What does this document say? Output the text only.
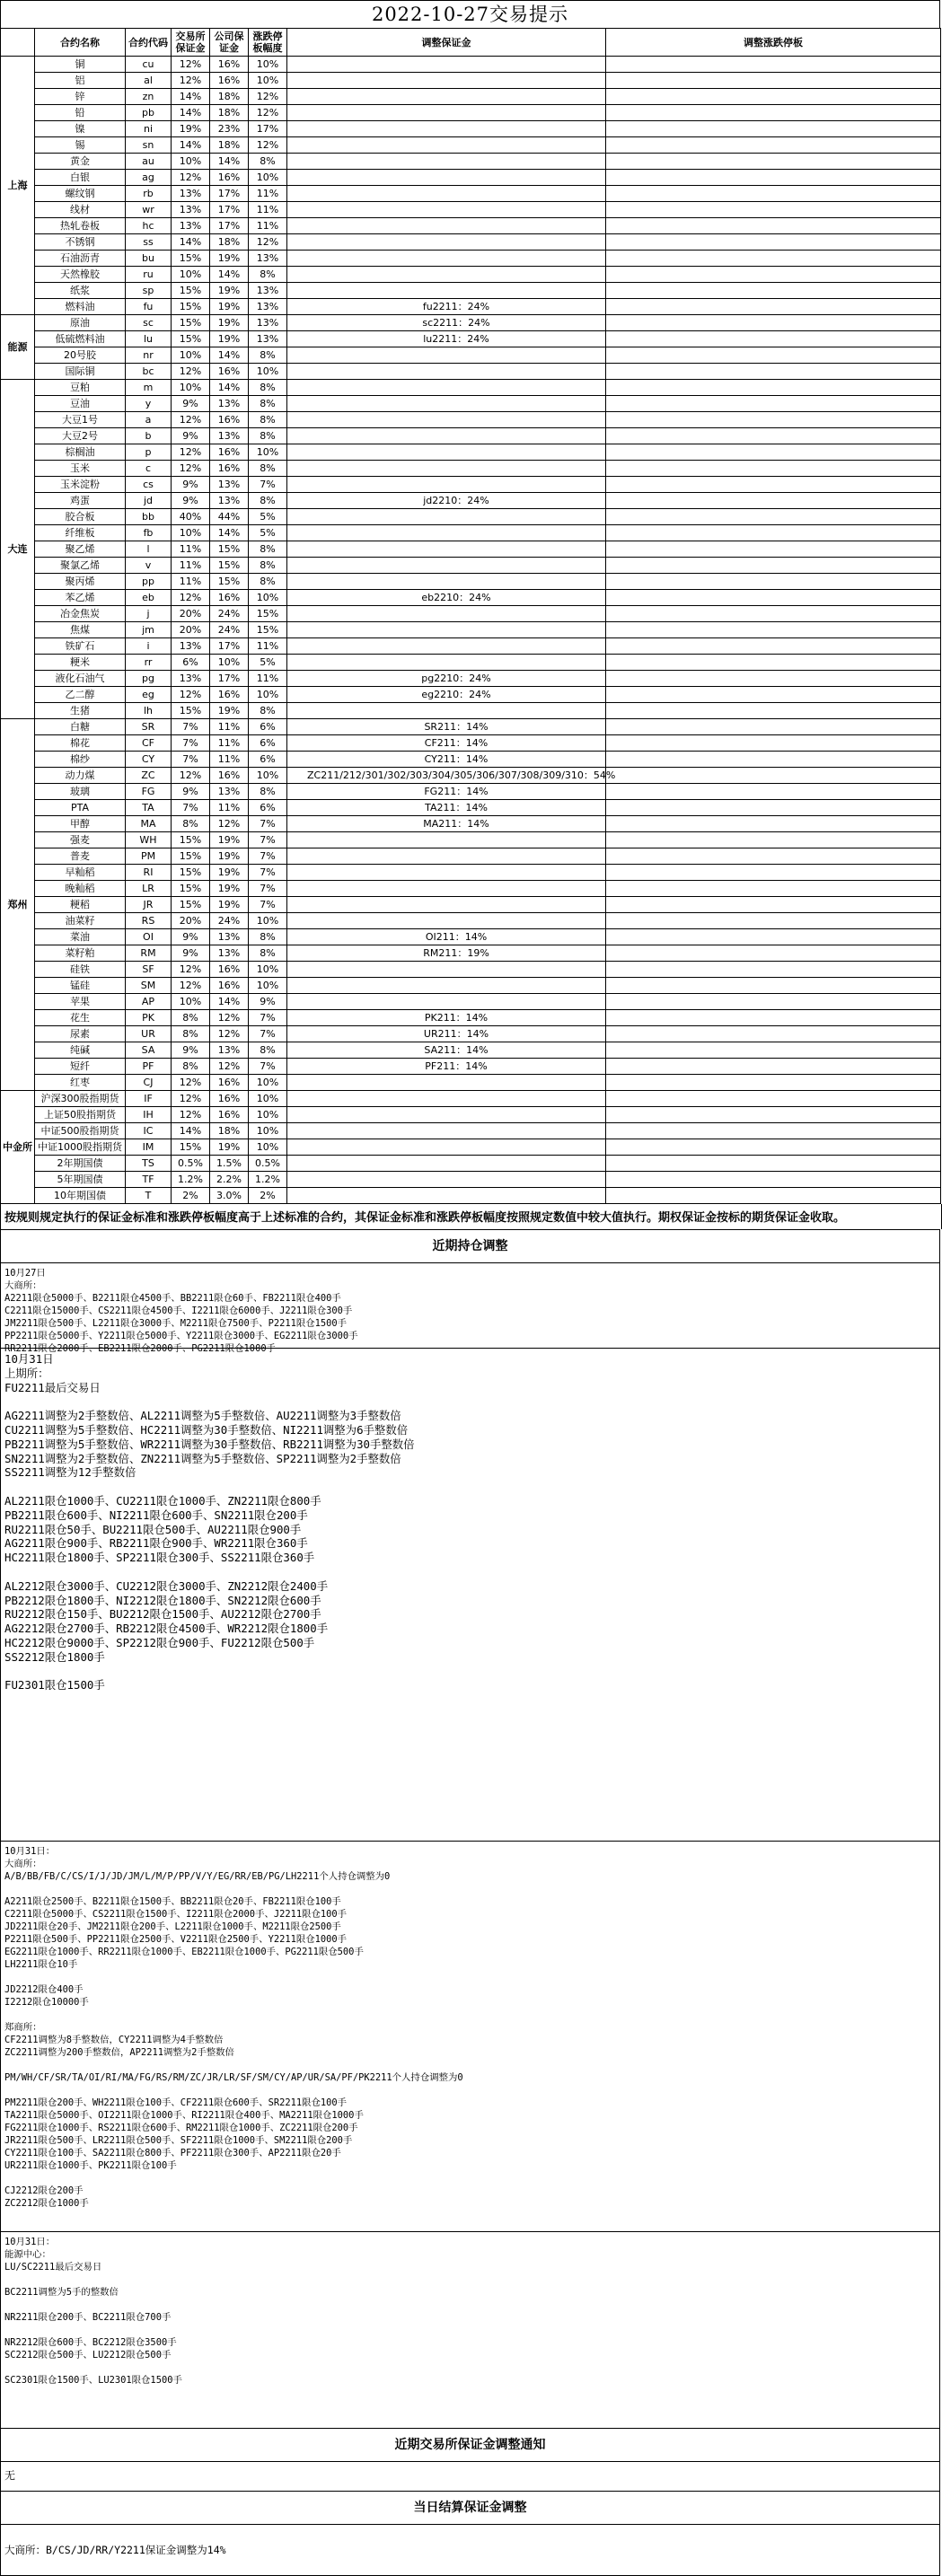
2022-10-27交易提示
	合约名称	合约代码	交易所保证金	公司保证金	涨跌停板幅度	调整保证金	调整涨跌停板
上海	铜	cu	12%	16%	10%		
	铝	al	12%	16%	10%		
	锌	zn	14%	18%	12%		
	铅	pb	14%	18%	12%		
	镍	ni	19%	23%	17%		
	锡	sn	14%	18%	12%		
	黄金	au	10%	14%	8%		
	白银	ag	12%	16%	10%		
	螺纹钢	rb	13%	17%	11%		
	线材	wr	13%	17%	11%		
	热轧卷板	hc	13%	17%	11%		
	不锈钢	ss	14%	18%	12%		
	石油沥青	bu	15%	19%	13%		
	天然橡胶	ru	10%	14%	8%		
	纸浆	sp	15%	19%	13%		
	燃料油	fu	15%	19%	13%	fu2211：24%	
能源	原油	sc	15%	19%	13%	sc2211：24%	
	低硫燃料油	lu	15%	19%	13%	lu2211：24%	
	20号胶	nr	10%	14%	8%		
	国际铜	bc	12%	16%	10%		
大连	豆粕	m	10%	14%	8%		
	豆油	y	9%	13%	8%		
	大豆1号	a	12%	16%	8%		
	大豆2号	b	9%	13%	8%		
	棕榈油	p	12%	16%	10%		
	玉米	c	12%	16%	8%		
	玉米淀粉	cs	9%	13%	7%		
	鸡蛋	jd	9%	13%	8%	jd2210：24%	
	胶合板	bb	40%	44%	5%		
	纤维板	fb	10%	14%	5%		
	聚乙烯	l	11%	15%	8%		
	聚氯乙烯	v	11%	15%	8%		
	聚丙烯	pp	11%	15%	8%		
	苯乙烯	eb	12%	16%	10%	eb2210：24%	
	冶金焦炭	j	20%	24%	15%		
	焦煤	jm	20%	24%	15%		
	铁矿石	i	13%	17%	11%		
	粳米	rr	6%	10%	5%		
	液化石油气	pg	13%	17%	11%	pg2210：24%	
	乙二醇	eg	12%	16%	10%	eg2210：24%	
	生猪	lh	15%	19%	8%		
郑州	白糖	SR	7%	11%	6%	SR211：14%	
	棉花	CF	7%	11%	6%	CF211：14%	
	棉纱	CY	7%	11%	6%	CY211：14%	
	动力煤	ZC	12%	16%	10%	ZC211/212/301/302/303/304/305/306/307/308/309/310：54%	
	玻璃	FG	9%	13%	8%	FG211：14%	
	PTA	TA	7%	11%	6%	TA211：14%	
	甲醇	MA	8%	12%	7%	MA211：14%	
	强麦	WH	15%	19%	7%		
	普麦	PM	15%	19%	7%		
	早籼稻	RI	15%	19%	7%		
	晚籼稻	LR	15%	19%	7%		
	粳稻	JR	15%	19%	7%		
	油菜籽	RS	20%	24%	10%		
	菜油	OI	9%	13%	8%	OI211：14%	
	菜籽粕	RM	9%	13%	8%	RM211：19%	
	硅铁	SF	12%	16%	10%		
	锰硅	SM	12%	16%	10%		
	苹果	AP	10%	14%	9%		
	花生	PK	8%	12%	7%	PK211：14%	
	尿素	UR	8%	12%	7%	UR211：14%	
	纯碱	SA	9%	13%	8%	SA211：14%	
	短纤	PF	8%	12%	7%	PF211：14%	
	红枣	CJ	12%	16%	10%		
中金所	沪深300股指期货	IF	12%	16%	10%		
	上证50股指期货	IH	12%	16%	10%		
	中证500股指期货	IC	14%	18%	10%		
	中证1000股指期货	IM	15%	19%	10%		
	2年期国债	TS	0.5%	1.5%	0.5%		
	5年期国债	TF	1.2%	2.2%	1.2%		
	10年期国债	T	2%	3.0%	2%		
按规则规定执行的保证金标准和涨跌停板幅度高于上述标准的合约，其保证金标准和涨跌停板幅度按照规定数值中较大值执行。期权保证金按标的期货保证金收取。
近期持仓调整
10月27日
大商所：
A2211限仓5000手、B2211限仓4500手、BB2211限仓60手、FB2211限仓400手
C2211限仓15000手、CS2211限仓4500手、I2211限仓6000手、J2211限仓300手
JM2211限仓500手、L2211限仓3000手、M2211限仓7500手、P2211限仓1500手
PP2211限仓5000手、Y2211限仓5000手、Y2211限仓3000手、EG2211限仓3000手
RR2211限仓2000手、EB2211限仓2000手、PG2211限仓1000手
10月31日
上期所：
FU2211最后交易日

AG2211调整为2手整数倍、AL2211调整为5手整数倍、AU2211调整为3手整数倍
CU2211调整为5手整数倍、HC2211调整为30手整数倍、NI2211调整为6手整数倍
PB2211调整为5手整数倍、WR2211调整为30手整数倍、RB2211调整为30手整数倍
SN2211调整为2手整数倍、ZN2211调整为5手整数倍、SP2211调整为2手整数倍
SS2211调整为12手整数倍

AL2211限仓1000手、CU2211限仓1000手、ZN2211限仓800手
PB2211限仓600手、NI2211限仓600手、SN2211限仓200手
RU2211限仓50手、BU2211限仓500手、AU2211限仓900手
AG2211限仓900手、RB2211限仓900手、WR2211限仓360手
HC2211限仓1800手、SP2211限仓300手、SS2211限仓360手

AL2212限仓3000手、CU2212限仓3000手、ZN2212限仓2400手
PB2212限仓1800手、NI2212限仓1800手、SN2212限仓600手
RU2212限仓150手、BU2212限仓1500手、AU2212限仓2700手
AG2212限仓2700手、RB2212限仓4500手、WR2212限仓1800手
HC2212限仓9000手、SP2212限仓900手、FU2212限仓500手
SS2212限仓1800手

FU2301限仓1500手
10月31日：
大商所：
A/B/BB/FB/C/CS/I/J/JD/JM/L/M/P/PP/V/Y/EG/RR/EB/PG/LH2211个人持仓调整为0

A2211限仓2500手、B2211限仓1500手、BB2211限仓20手、FB2211限仓100手
C2211限仓5000手、CS2211限仓1500手、I2211限仓2000手、J2211限仓100手
JD2211限仓20手、JM2211限仓200手、L2211限仓1000手、M2211限仓2500手
P2211限仓500手、PP2211限仓2500手、V2211限仓2500手、Y2211限仓1000手
EG2211限仓1000手、RR2211限仓1000手、EB2211限仓1000手、PG2211限仓500手
LH2211限仓10手

JD2212限仓400手
I2212限仓10000手

郑商所：
CF2211调整为8手整数倍，CY2211调整为4手整数倍
ZC2211调整为200手整数倍，AP2211调整为2手整数倍

PM/WH/CF/SR/TA/OI/RI/MA/FG/RS/RM/ZC/JR/LR/SF/SM/CY/AP/UR/SA/PF/PK2211个人持仓调整为0

PM2211限仓200手、WH2211限仓100手、CF2211限仓600手、SR2211限仓100手
TA2211限仓5000手、OI2211限仓1000手、RI2211限仓400手、MA2211限仓1000手
FG2211限仓1000手、RS2211限仓600手、RM2211限仓1000手、ZC2211限仓200手
JR2211限仓500手、LR2211限仓500手、SF2211限仓1000手、SM2211限仓200手
CY2211限仓100手、SA2211限仓800手、PF2211限仓300手、AP2211限仓20手
UR2211限仓1000手、PK2211限仓100手

CJ2212限仓200手
ZC2212限仓1000手
10月31日：
能源中心：
LU/SC2211最后交易日

BC2211调整为5手的整数倍

NR2211限仓200手、BC2211限仓700手

NR2212限仓600手、BC2212限仓3500手
SC2212限仓500手、LU2212限仓500手

SC2301限仓1500手、LU2301限仓1500手
近期交易所保证金调整通知
无
当日结算保证金调整
大商所：B/CS/JD/RR/Y2211保证金调整为14%
